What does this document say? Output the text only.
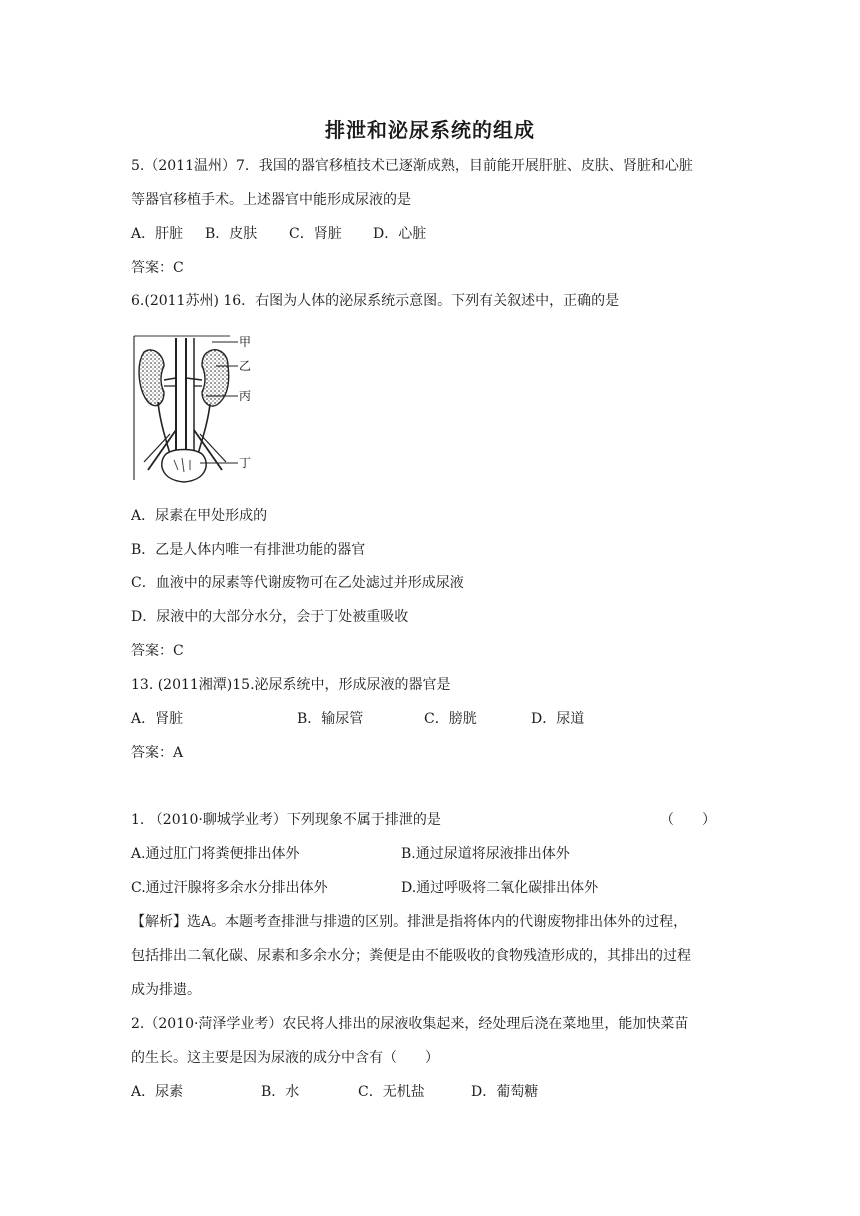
排泄和泌尿系统的组成
5.（2011温州）7．我国的器官移植技术已逐渐成熟，目前能开展肝脏、皮肤、肾脏和心脏
等器官移植手术。上述器官中能形成尿液的是
A．肝脏 B．皮肤 C．肾脏 D．心脏
答案：C
6.(2011苏州) 16．右图为人体的泌尿系统示意图。下列有关叙述中，正确的是
甲
乙
丙
丁
A．尿素在甲处形成的
B．乙是人体内唯一有排泄功能的器官
C．血液中的尿素等代谢废物可在乙处滤过并形成尿液
D．尿液中的大部分水分，会于丁处被重吸收
答案：C
13. (2011湘潭)15.泌尿系统中，形成尿液的器官是
A．肾脏	B．输尿管	C．膀胱	D．尿道
答案：A
1. （2010·聊城学业考）下列现象不属于排泄的是	（　　）
A.通过肛门将粪便排出体外	B.通过尿道将尿液排出体外
C.通过汗腺将多余水分排出体外	D.通过呼吸将二氧化碳排出体外
【解析】选A。本题考查排泄与排遗的区别。排泄是指将体内的代谢废物排出体外的过程，
包括排出二氧化碳、尿素和多余水分；粪便是由不能吸收的食物残渣形成的，其排出的过程
成为排遗。
2.（2010·菏泽学业考）农民将人排出的尿液收集起来，经处理后浇在菜地里，能加快菜苗
的生长。这主要是因为尿液的成分中含有（　　）
A．尿素	B．水	C．无机盐	D．葡萄糖
